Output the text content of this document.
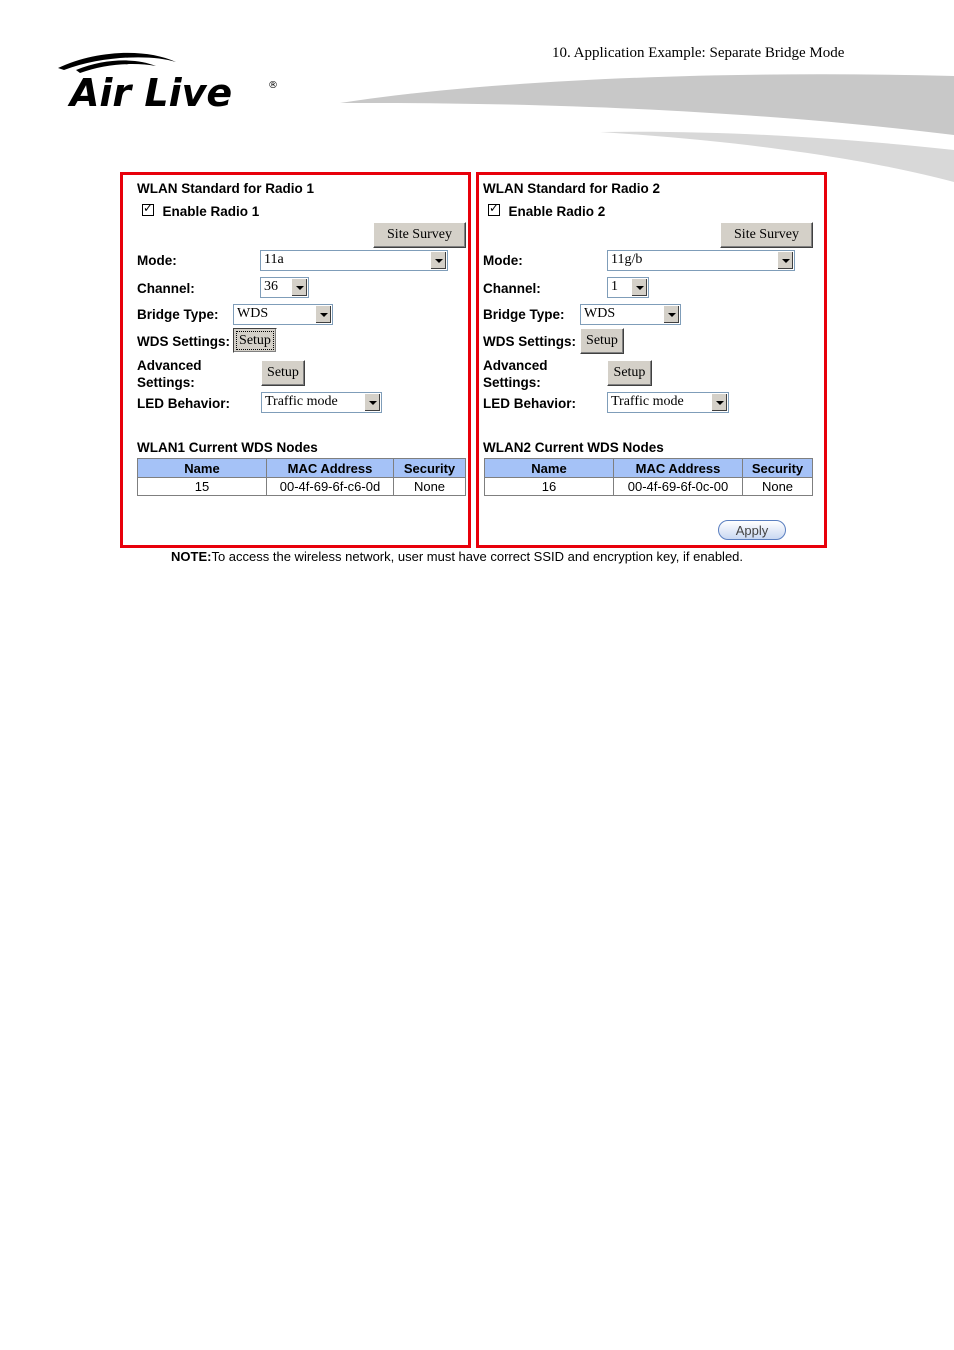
10. Application Example: Separate Bridge Mode
Air Live	®
WLAN Standard for Radio 1
✓ Enable Radio 1
Site Survey
Mode:	11a
Channel:	36
Bridge Type: WDS
WDS Settings: Setup
Advanced
Settings:
Setup
LED Behavior: Traffic mode
WLAN1 Current WDS Nodes
Name	MAC Address	Security
15	00-4f-69-6f-c6-0d	None
WLAN Standard for Radio 2
✓ Enable Radio 2
Site Survey
Mode:	11g/b
Channel:	1
Bridge Type: WDS
WDS Settings: Setup
Advanced
Settings:
Setup
LED Behavior: Traffic mode
WLAN2 Current WDS Nodes
Name	MAC Address	Security
16	00-4f-69-6f-0c-00	None
Apply
NOTE:To access the wireless network, user must have correct SSID and encryption key, if enabled.
